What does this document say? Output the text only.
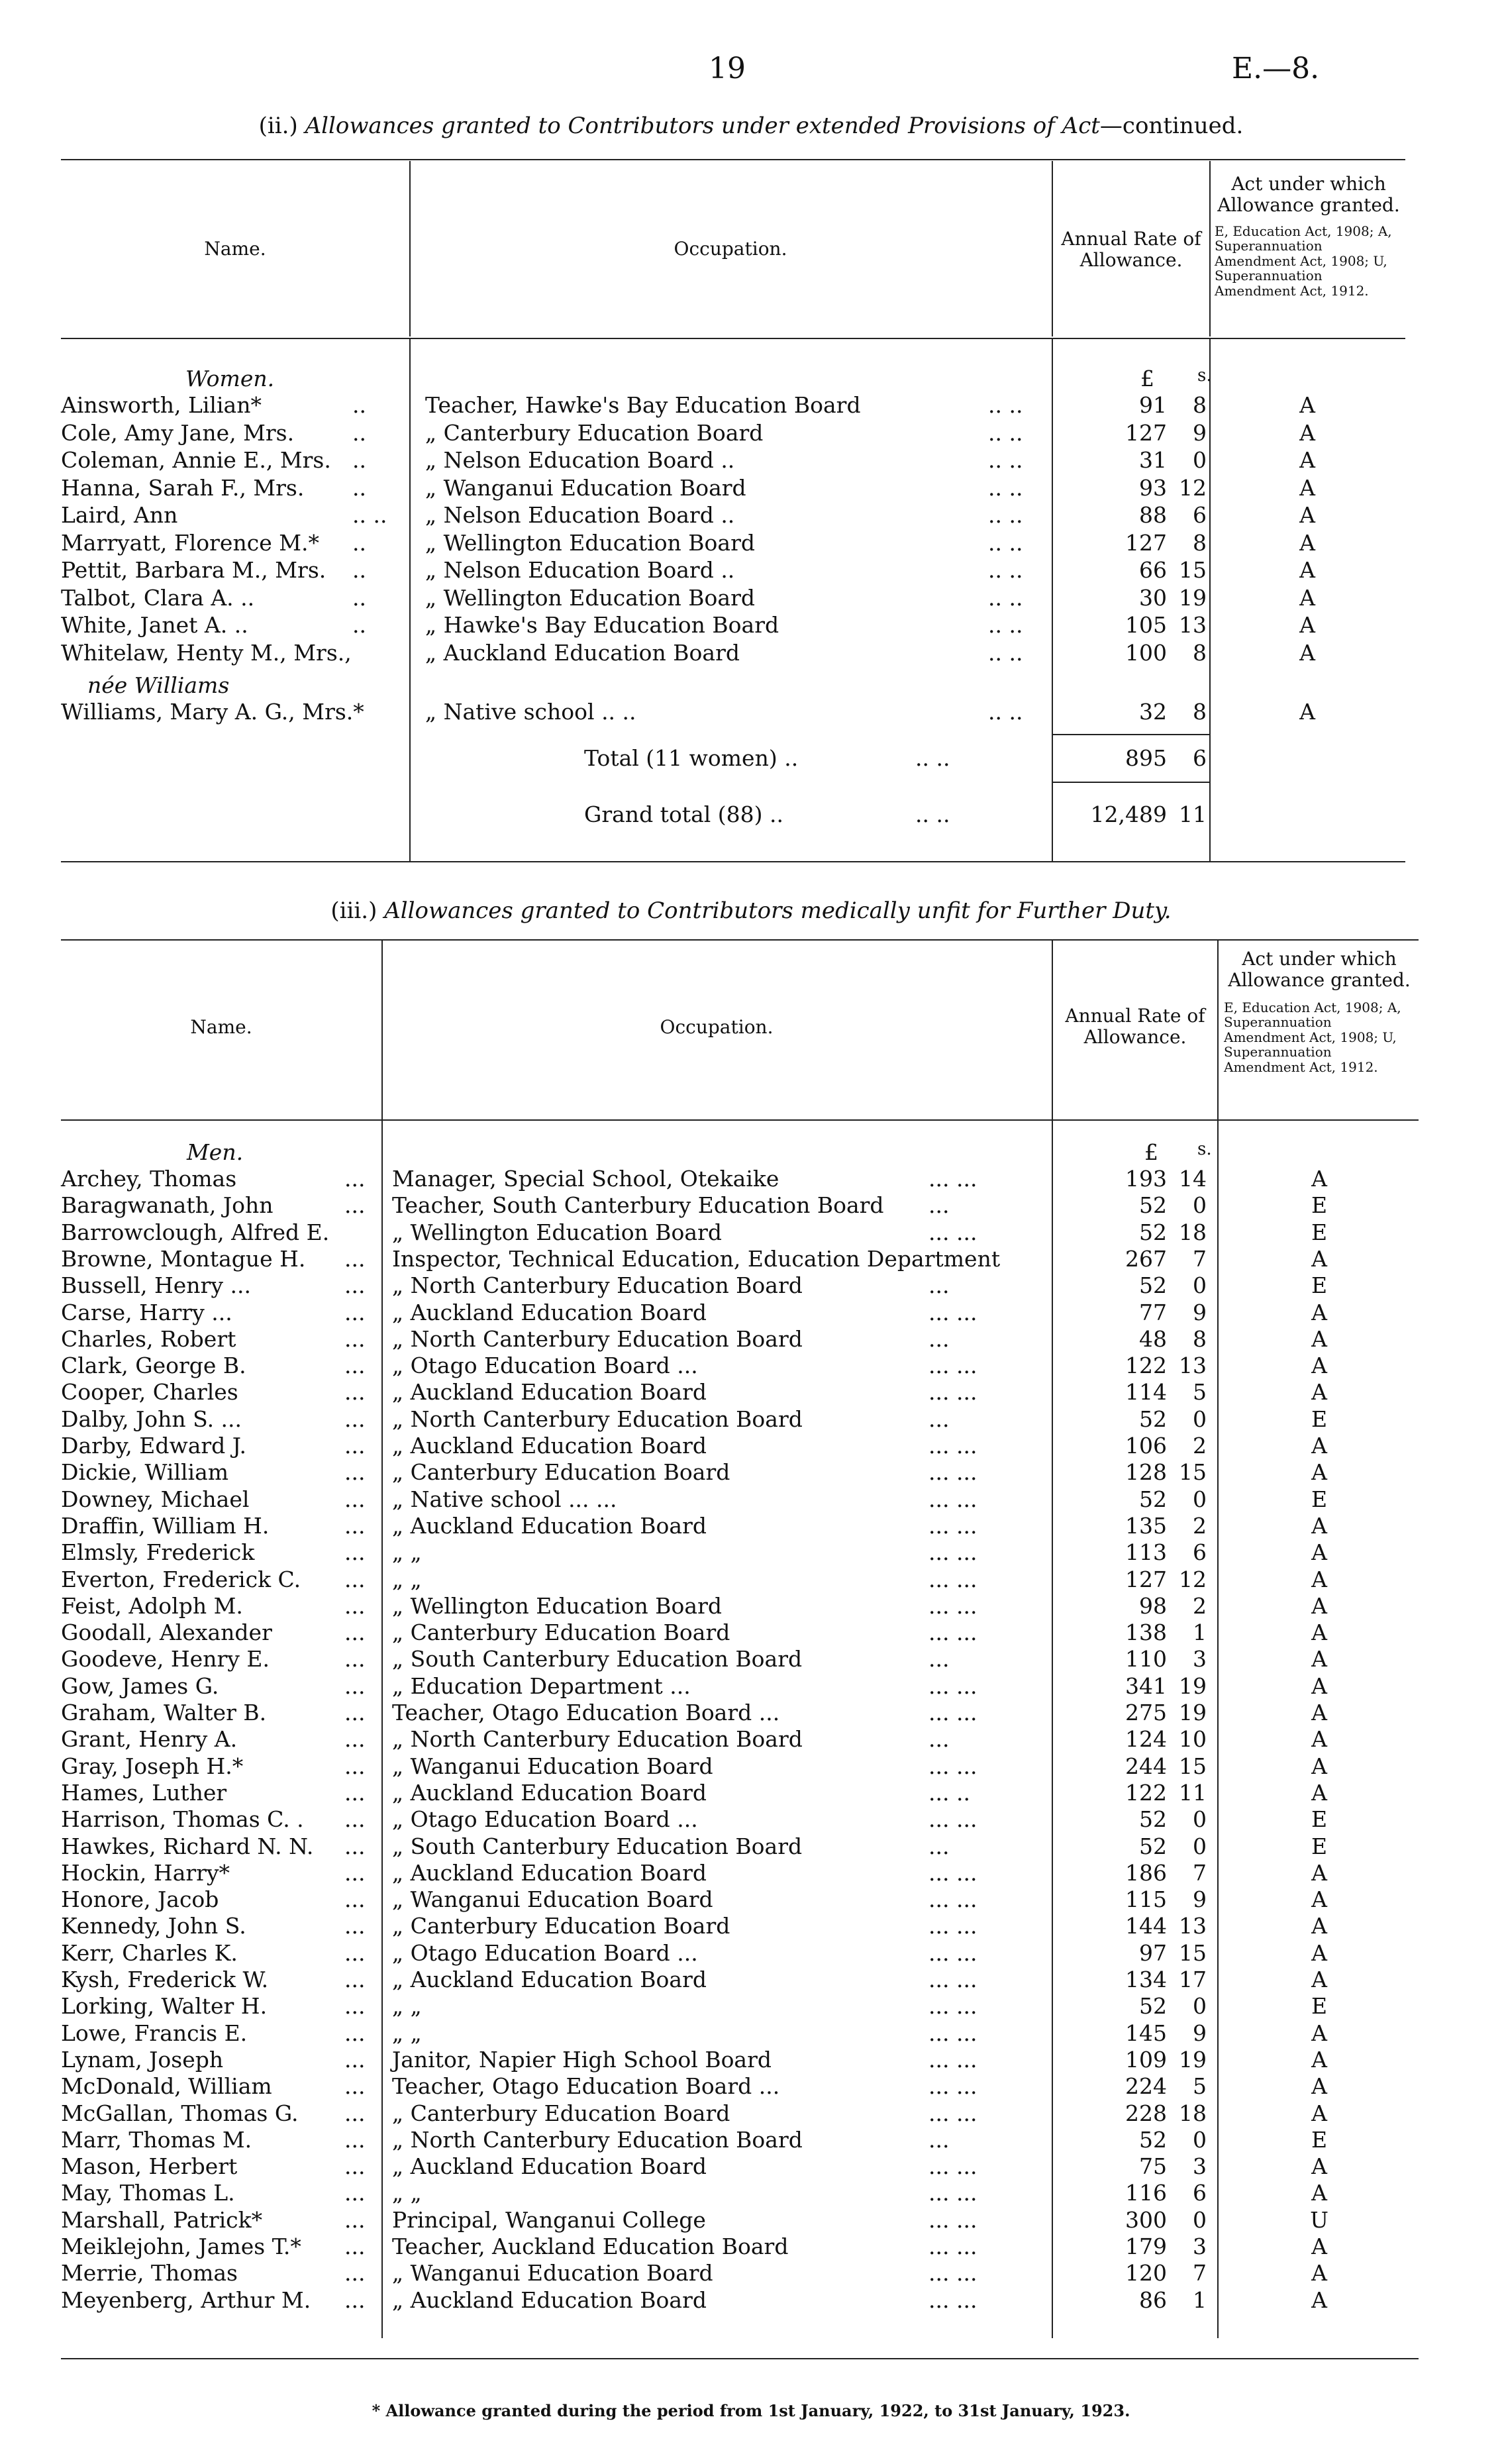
19	E.—8.
(ii.) Allowances granted to Contributors under extended Provisions of Act—continued.
Name.	Occupation.	Annual Rate of Allowance.
Act under which Allowance granted.
E, Education Act, 1908; A, Superannuation Amendment Act, 1908; U, Superannuation Amendment Act, 1912.
Women.	£	s.
Ainsworth, Lilian*	..	Teacher, Hawke's Bay Education Board	.. ..	91	8	A
Cole, Amy Jane, Mrs.	..	„ Canterbury Education Board	.. ..	127	9	A
Coleman, Annie E., Mrs. ..	„ Nelson Education Board ..	.. ..	31	0	A
Hanna, Sarah F., Mrs. ..	„ Wanganui Education Board	.. ..	93 12	A
Laird, Ann	.. .. „ Nelson Education Board ..	.. ..	88	6	A
Marryatt, Florence M.* ..	„ Wellington Education Board	.. ..	127	8	A
Pettit, Barbara M., Mrs. ..	„ Nelson Education Board ..	.. ..	66 15	A
Talbot, Clara A. ..	..	„ Wellington Education Board	.. ..	30 19	A
White, Janet A. ..	..	„ Hawke's Bay Education Board	.. ..	105 13	A
Whitelaw, Henty M., Mrs.,	„ Auckland Education Board	.. ..	100	8	A
née Williams
Williams, Mary A. G., Mrs.*	„ Native school .. ..	.. ..	32	8	A
Total (11 women) ..	.. ..	895	6
Grand total (88) ..	.. ..	12,489 11
(iii.) Allowances granted to Contributors medically unfit for Further Duty.
Name.	Occupation.
Annual Rate of Allowance.
Act under which Allowance granted.
E, Education Act, 1908; A, Superannuation Amendment Act, 1908; U, Superannuation Amendment Act, 1912.
Men.	£ s.
Archey, Thomas	... Manager, Special School, Otekaike	... ...	193 14	A
Baragwanath, John	... Teacher, South Canterbury Education Board ...	52	0	E
Barrowclough, Alfred E.	„ Wellington Education Board	... ...	52 18	E
Browne, Montague H. ... Inspector, Technical Education, Education Department	267	7	A
Bussell, Henry ...	... „ North Canterbury Education Board	...	52	0	E
Carse, Harry ...	... „ Auckland Education Board	... ...	77	9	A
Charles, Robert	... „ North Canterbury Education Board	...	48	8	A
Clark, George B.	... „ Otago Education Board ...	... ...	122 13	A
Cooper, Charles	... „ Auckland Education Board	... ...	114	5	A
Dalby, John S. ...	... „ North Canterbury Education Board	...	52	0	E
Darby, Edward J.	... „ Auckland Education Board	... ...	106	2	A
Dickie, William	... „ Canterbury Education Board	... ...	128 15	A
Downey, Michael	... „ Native school ... ...	... ...	52	0	E
Draffin, William H.	... „ Auckland Education Board	... ...	135	2	A
Elmsly, Frederick	... „ „	... ...	113	6	A
Everton, Frederick C. ... „ „	... ...	127 12	A
Feist, Adolph M.	... „ Wellington Education Board	... ...	98	2	A
Goodall, Alexander	... „ Canterbury Education Board	... ...	138	1	A
Goodeve, Henry E.	... „ South Canterbury Education Board	...	110	3	A
Gow, James G.	... „ Education Department ...	... ...	341 19	A
Graham, Walter B.	... Teacher, Otago Education Board ...	... ...	275 19	A
Grant, Henry A.	... „ North Canterbury Education Board	...	124 10	A
Gray, Joseph H.*	... „ Wanganui Education Board	... ...	244 15	A
Hames, Luther	... „ Auckland Education Board	... ..	122 11	A
Harrison, Thomas C. . ... „ Otago Education Board ...	... ...	52	0	E
Hawkes, Richard N. N. ... „ South Canterbury Education Board	...	52	0	E
Hockin, Harry*	... „ Auckland Education Board	... ...	186	7	A
Honore, Jacob	... „ Wanganui Education Board	... ...	115	9	A
Kennedy, John S.	... „ Canterbury Education Board	... ...	144 13	A
Kerr, Charles K.	... „ Otago Education Board ...	... ...	97 15	A
Kysh, Frederick W.	... „ Auckland Education Board	... ...	134 17	A
Lorking, Walter H.	... „ „	... ...	52	0	E
Lowe, Francis E.	... „ „	... ...	145	9	A
Lynam, Joseph	... Janitor, Napier High School Board	... ...	109 19	A
McDonald, William	... Teacher, Otago Education Board ...	... ...	224	5	A
McGallan, Thomas G. ... „ Canterbury Education Board	... ...	228 18	A
Marr, Thomas M.	... „ North Canterbury Education Board	...	52	0	E
Mason, Herbert	... „ Auckland Education Board	... ...	75	3	A
May, Thomas L.	... „ „	... ...	116	6	A
Marshall, Patrick*	... Principal, Wanganui College	... ...	300	0	U
Meiklejohn, James T.* ... Teacher, Auckland Education Board	... ...	179	3	A
Merrie, Thomas	... „ Wanganui Education Board	... ...	120	7	A
Meyenberg, Arthur M. ... „ Auckland Education Board	... ...	86	1	A
* Allowance granted during the period from 1st January, 1922, to 31st January, 1923.
